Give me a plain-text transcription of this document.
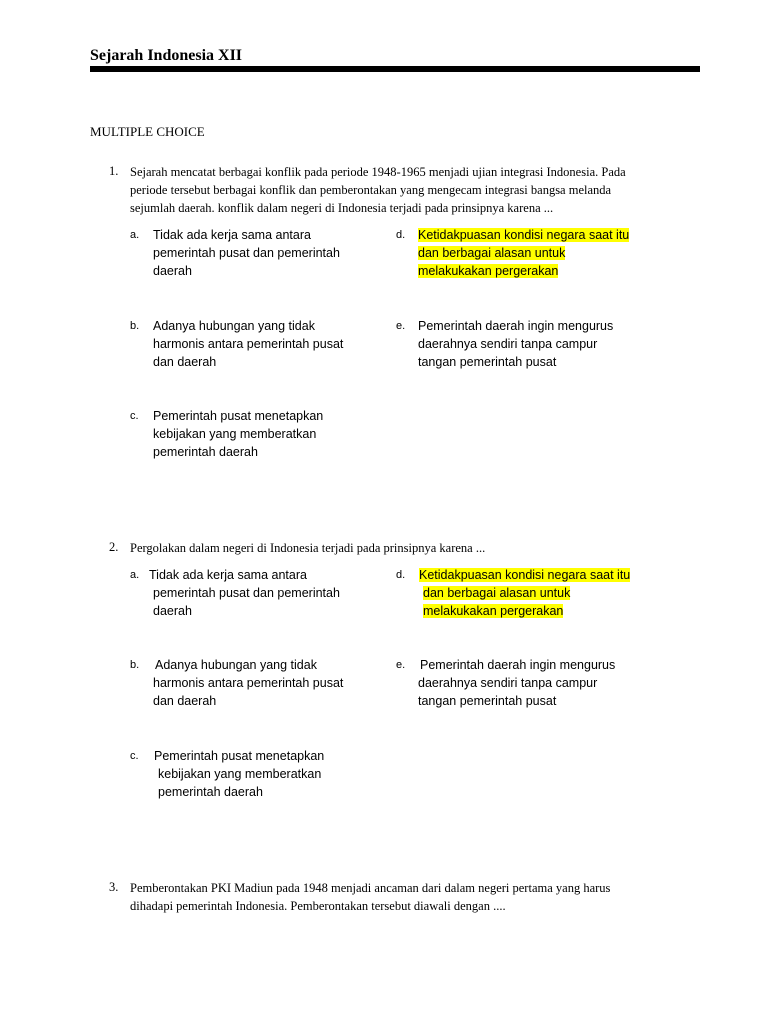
Sejarah Indonesia XII
MULTIPLE CHOICE
1. Sejarah mencatat berbagai konflik pada periode 1948-1965 menjadi ujian integrasi Indonesia. Pada
periode tersebut berbagai konflik dan pemberontakan yang mengecam integrasi bangsa melanda
sejumlah daerah. konflik dalam negeri di Indonesia terjadi pada prinsipnya karena ...
a. Tidak ada kerja sama antara
pemerintah pusat dan pemerintah
daerah
d. Ketidakpuasan kondisi negara saat itu
dan berbagai alasan untuk
melakukakan pergerakan
b. Adanya hubungan yang tidak
harmonis antara pemerintah pusat
dan daerah
e. Pemerintah daerah ingin mengurus
daerahnya sendiri tanpa campur
tangan pemerintah pusat
c. Pemerintah pusat menetapkan
kebijakan yang memberatkan
pemerintah daerah
2. Pergolakan dalam negeri di Indonesia terjadi pada prinsipnya karena ...
a. Tidak ada kerja sama antara
pemerintah pusat dan pemerintah
daerah
d. Ketidakpuasan kondisi negara saat itu
dan berbagai alasan untuk
melakukakan pergerakan
b. Adanya hubungan yang tidak
harmonis antara pemerintah pusat
dan daerah
e. Pemerintah daerah ingin mengurus
daerahnya sendiri tanpa campur
tangan pemerintah pusat
c. Pemerintah pusat menetapkan
kebijakan yang memberatkan
pemerintah daerah
3. Pemberontakan PKI Madiun pada 1948 menjadi ancaman dari dalam negeri pertama yang harus
dihadapi pemerintah Indonesia. Pemberontakan tersebut diawali dengan ....
